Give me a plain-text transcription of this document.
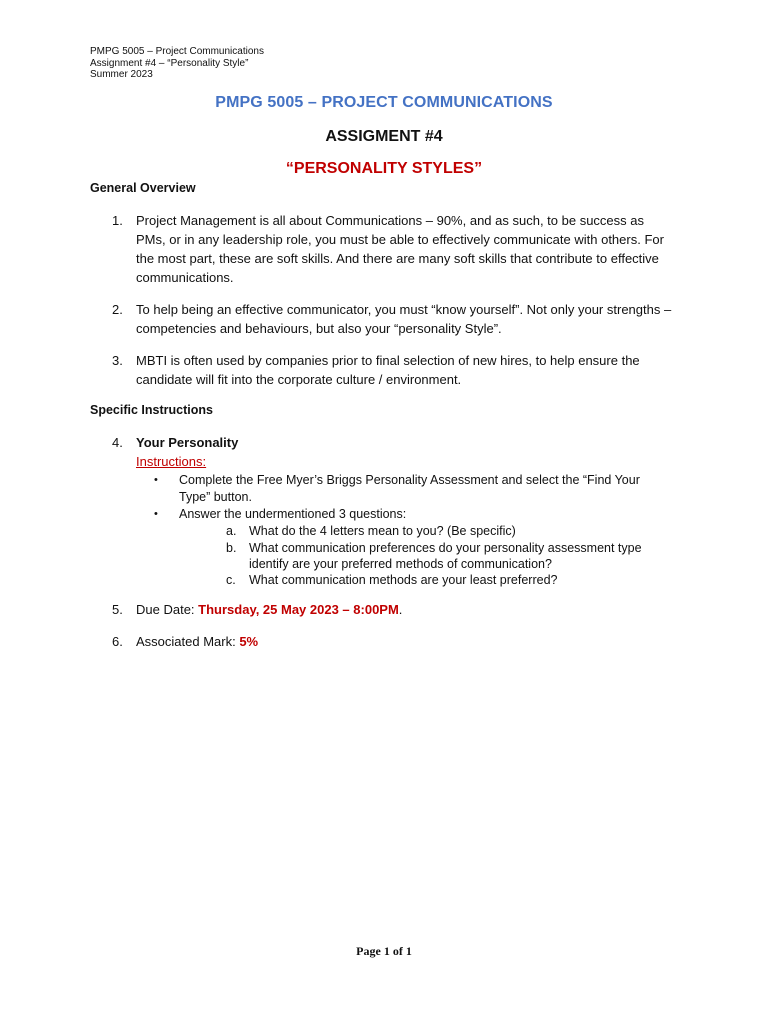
PMPG 5005 – Project Communications
Assignment #4 – “Personality Style”
Summer 2023
PMPG 5005 – PROJECT COMMUNICATIONS
ASSIGMENT #4
“PERSONALITY STYLES”
General Overview
1. Project Management is all about Communications – 90%, and as such, to be success as PMs, or in any leadership role, you must be able to effectively communicate with others. For the most part, these are soft skills. And there are many soft skills that contribute to effective communications.
2. To help being an effective communicator, you must “know yourself”. Not only your strengths – competencies and behaviours, but also your “personality Style”.
3. MBTI is often used by companies prior to final selection of new hires, to help ensure the candidate will fit into the corporate culture / environment.
Specific Instructions
4. Your Personality
Instructions:
• Complete the Free Myer’s Briggs Personality Assessment and select the “Find Your Type” button.
• Answer the undermentioned 3 questions:
a. What do the 4 letters mean to you? (Be specific)
b. What communication preferences do your personality assessment type identify are your preferred methods of communication?
c. What communication methods are your least preferred?
5. Due Date: Thursday, 25 May 2023 – 8:00PM.
6. Associated Mark: 5%
Page 1 of 1
